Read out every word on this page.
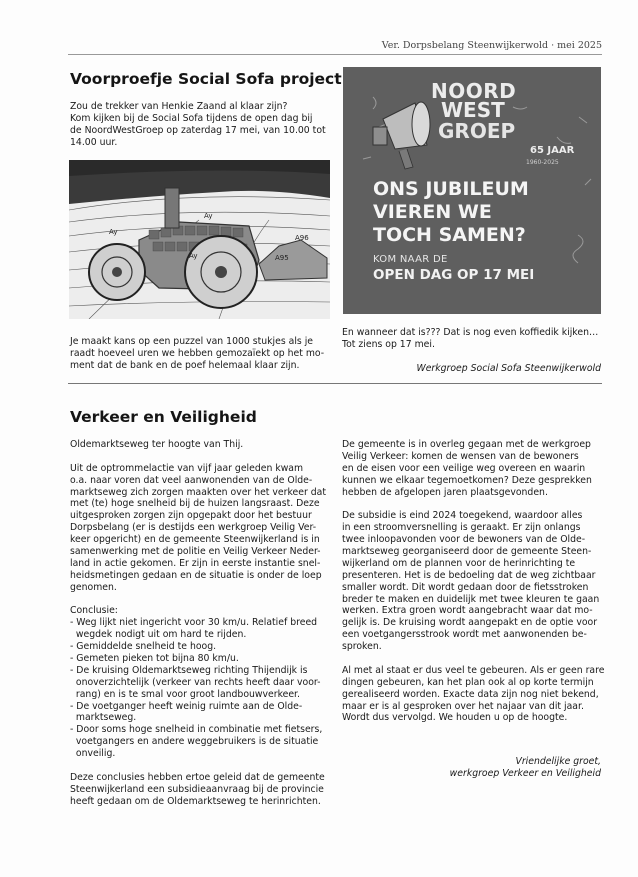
Ver. Dorpsbelang Steenwijkerwold · mei 2025
Voorproefje Social Sofa project
Zou de trekker van Henkie Zaand al klaar zijn?
Kom kijken bij de Social Sofa tijdens de open dag bij
de NoordWestGroep op zaterdag 17 mei, van 10.00 tot
14.00 uur.
Ay
Ay
Ay	A95
A96
Je maakt kans op een puzzel van 1000 stukjes als je
raadt hoeveel uren we hebben gemozaïekt op het mo-
ment dat de bank en de poef helemaal klaar zijn.
NOORD
WEST
GROEP
65 JAAR
1960-2025
ONS JUBILEUM
VIEREN WE
TOCH SAMEN?
KOM NAAR DE
OPEN DAG OP 17 MEI
En wanneer dat is??? Dat is nog even koffiedik kijken…
Tot ziens op 17 mei.
Werkgroep Social Sofa Steenwijkerwold
Verkeer en Veiligheid
Oldemarktseweg ter hoogte van Thij.
Uit de optrommelactie van vijf jaar geleden kwam
o.a. naar voren dat veel aanwonenden van de Olde-
marktseweg zich zorgen maakten over het verkeer dat
met (te) hoge snelheid bij de huizen langsraast. Deze
uitgesproken zorgen zijn opgepakt door het bestuur
Dorpsbelang (er is destijds een werkgroep Veilig Ver-
keer opgericht) en de gemeente Steenwijkerland is in
samenwerking met de politie en Veilig Verkeer Neder-
land in actie gekomen. Er zijn in eerste instantie snel-
heidsmetingen gedaan en de situatie is onder de loep
genomen.
Conclusie:
- Weg lijkt niet ingericht voor 30 km/u. Relatief breed
wegdek nodigt uit om hard te rijden.
- Gemiddelde snelheid te hoog.
- Gemeten pieken tot bijna 80 km/u.
- De kruising Oldemarktseweg richting Thijendijk is
onoverzichtelijk (verkeer van rechts heeft daar voor-
rang) en is te smal voor groot landbouwverkeer.
- De voetganger heeft weinig ruimte aan de Olde-
marktseweg.
- Door soms hoge snelheid in combinatie met fietsers,
voetgangers en andere weggebruikers is de situatie
onveilig.
Deze conclusies hebben ertoe geleid dat de gemeente
Steenwijkerland een subsidieaanvraag bij de provincie
heeft gedaan om de Oldemarktseweg te herinrichten.
De gemeente is in overleg gegaan met de werkgroep
Veilig Verkeer: komen de wensen van de bewoners
en de eisen voor een veilige weg overeen en waarin
kunnen we elkaar tegemoetkomen? Deze gesprekken
hebben de afgelopen jaren plaatsgevonden.
De subsidie is eind 2024 toegekend, waardoor alles
in een stroomversnelling is geraakt. Er zijn onlangs
twee inloopavonden voor de bewoners van de Olde-
marktseweg georganiseerd door de gemeente Steen-
wijkerland om de plannen voor de herinrichting te
presenteren. Het is de bedoeling dat de weg zichtbaar
smaller wordt. Dit wordt gedaan door de fietsstroken
breder te maken en duidelijk met twee kleuren te gaan
werken. Extra groen wordt aangebracht waar dat mo-
gelijk is. De kruising wordt aangepakt en de optie voor
een voetgangersstrook wordt met aanwonenden be-
sproken.
Al met al staat er dus veel te gebeuren. Als er geen rare
dingen gebeuren, kan het plan ook al op korte termijn
gerealiseerd worden. Exacte data zijn nog niet bekend,
maar er is al gesproken over het najaar van dit jaar.
Wordt dus vervolgd. We houden u op de hoogte.
Vriendelijke groet,
werkgroep Verkeer en Veiligheid
